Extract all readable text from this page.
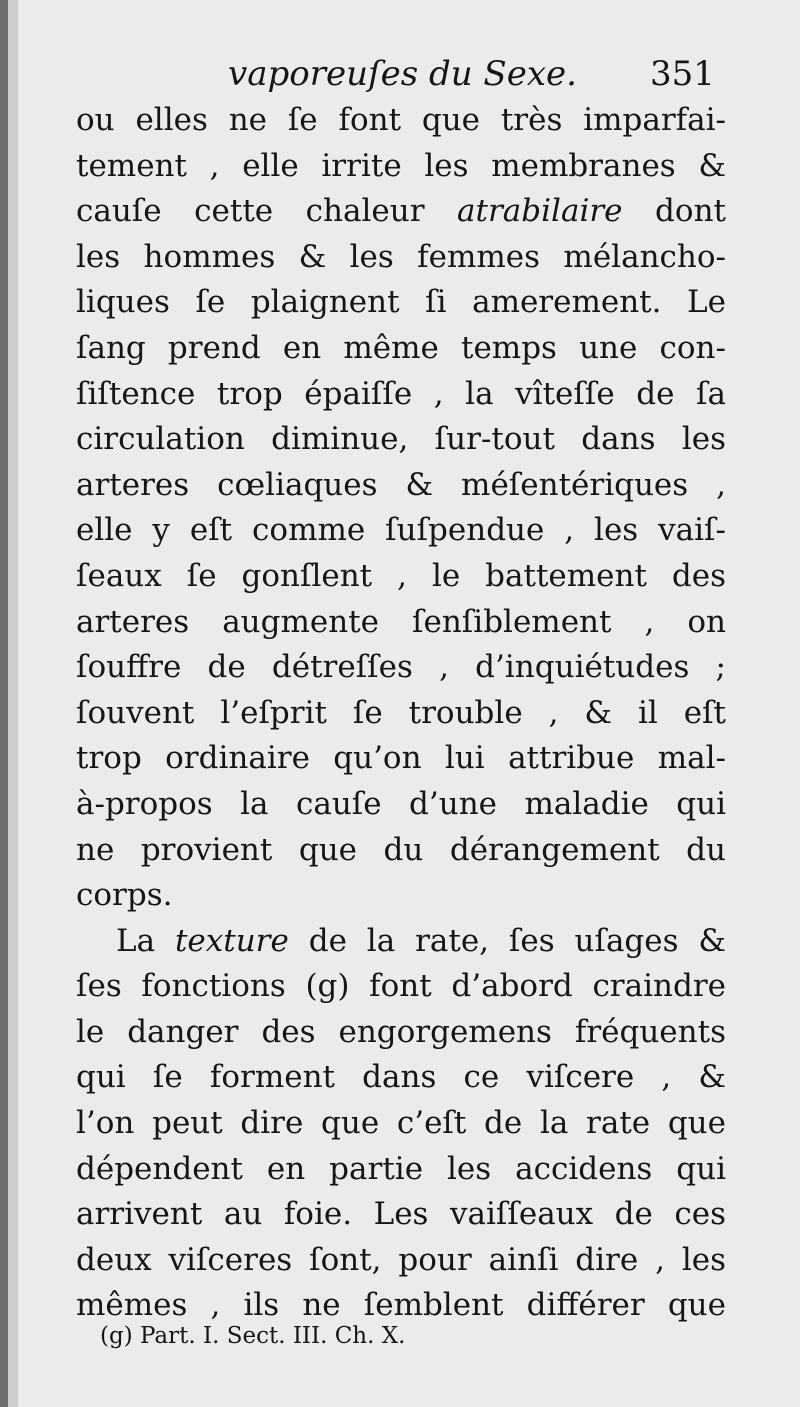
vaporeuſes du Sexe. 351
ou elles ne ſe font que très imparfai-
tement , elle irrite les membranes &
cauſe cette chaleur atrabilaire dont
les hommes & les femmes mélancho-
liques ſe plaignent ſi amerement. Le
ſang prend en même temps une con-
ſiſtence trop épaiſſe , la vîteſſe de ſa
circulation diminue, ſur-tout dans les
arteres cœliaques & méſentériques ,
elle y eſt comme ſuſpendue , les vaiſ-
ſeaux ſe gonſlent , le battement des
arteres augmente ſenſiblement , on
ſouffre de détreſſes , d’inquiétudes ;
ſouvent l’eſprit ſe trouble , & il eſt
trop ordinaire qu’on lui attribue mal-
à-propos la cauſe d’une maladie qui
ne provient que du dérangement du
corps.
La texture de la rate, ſes uſages &
ſes fonctions (g) font d’abord craindre
le danger des engorgemens fréquents
qui ſe forment dans ce viſcere , &
l’on peut dire que c’eſt de la rate que
dépendent en partie les accidens qui
arrivent au foie. Les vaiſſeaux de ces
deux viſceres ſont, pour ainſi dire , les
mêmes , ils ne ſemblent différer que
(g) Part. I. Sect. III. Ch. X.
